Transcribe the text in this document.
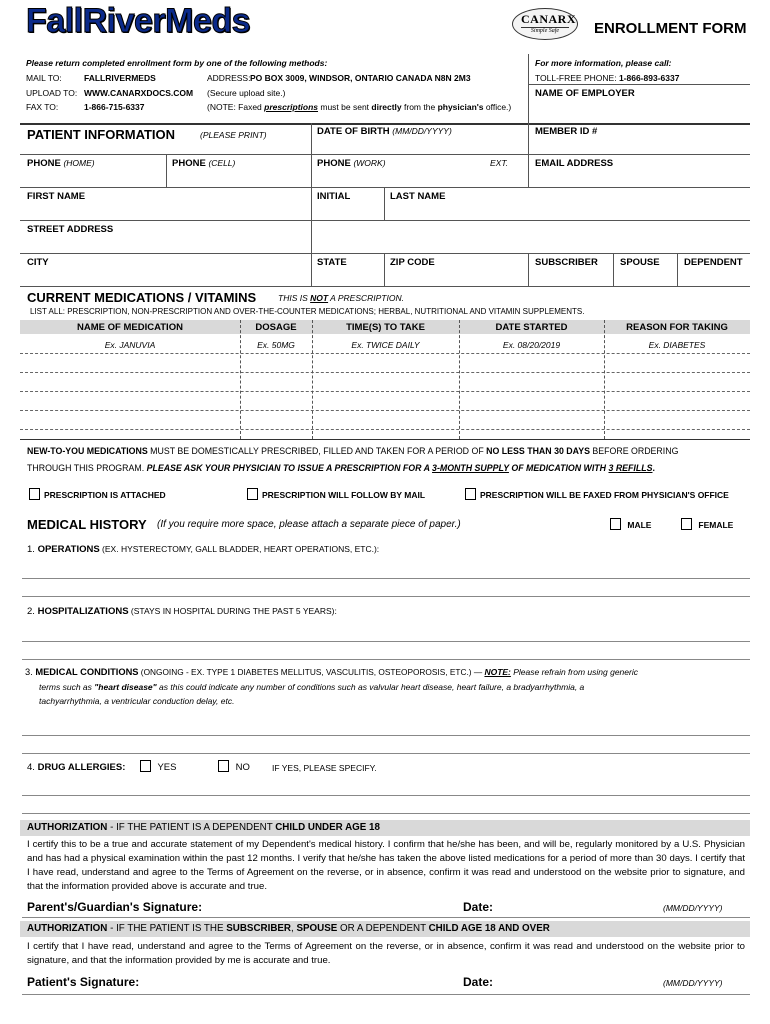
FallRiverMeds	CANARX
Simple Safe	ENROLLMENT FORM
Please return completed enrollment form by one of the following methods:
MAIL TO:	FALLRIVERMEDS	ADDRESS: PO BOX 3009, WINDSOR, ONTARIO CANADA N8N 2M3
UPLOAD TO: WWW.CANARXDOCS.COM (Secure upload site.)
FAX TO:	1-866-715-6337	(NOTE: Faxed prescriptions must be sent directly from the physician's office.)
For more information, please call:
TOLL-FREE PHONE: 1-866-893-6337
NAME OF EMPLOYER
PATIENT INFORMATION	(PLEASE PRINT)	DATE OF BIRTH (MM/DD/YYYY)	MEMBER ID #
PHONE (HOME)	PHONE (CELL)	PHONE (WORK)	EXT.	EMAIL ADDRESS
FIRST NAME	INITIAL	LAST NAME
STREET ADDRESS
CITY	STATE	ZIP CODE	SUBSCRIBER SPOUSE	DEPENDENT
CURRENT MEDICATIONS / VITAMINS	THIS IS NOT A PRESCRIPTION.
LIST ALL: PRESCRIPTION, NON-PRESCRIPTION AND OVER-THE-COUNTER MEDICATIONS; HERBAL, NUTRITIONAL AND VITAMIN SUPPLEMENTS.
NAME OF MEDICATION	DOSAGE	TIME(S) TO TAKE	DATE STARTED	REASON FOR TAKING
Ex. JANUVIA	Ex. 50MG	Ex. TWICE DAILY	Ex. 08/20/2019	Ex. DIABETES
NEW-TO-YOU MEDICATIONS MUST BE DOMESTICALLY PRESCRIBED, FILLED AND TAKEN FOR A PERIOD OF NO LESS THAN 30 DAYS BEFORE ORDERING
THROUGH THIS PROGRAM. PLEASE ASK YOUR PHYSICIAN TO ISSUE A PRESCRIPTION FOR A 3-MONTH SUPPLY OF MEDICATION WITH 3 REFILLS.
PRESCRIPTION IS ATTACHED	PRESCRIPTION WILL FOLLOW BY MAIL	PRESCRIPTION WILL BE FAXED FROM PHYSICIAN'S OFFICE
MEDICAL HISTORY (If you require more space, please attach a separate piece of paper.)	MALE	FEMALE
1. OPERATIONS (EX. HYSTERECTOMY, GALL BLADDER, HEART OPERATIONS, ETC.):
2. HOSPITALIZATIONS (STAYS IN HOSPITAL DURING THE PAST 5 YEARS):
3. MEDICAL CONDITIONS (ONGOING - EX. TYPE 1 DIABETES MELLITUS, VASCULITIS, OSTEOPOROSIS, ETC.) — NOTE: Please refrain from using generic
terms such as "heart disease" as this could indicate any number of conditions such as valvular heart disease, heart failure, a bradyarrhythmia, a
tachyarrhythmia, a ventricular conduction delay, etc.
4. DRUG ALLERGIES:	YES	NO	IF YES, PLEASE SPECIFY.
AUTHORIZATION - IF THE PATIENT IS A DEPENDENT CHILD UNDER AGE 18
I certify this to be a true and accurate statement of my Dependent's medical history. I confirm that he/she has been, and will be, regularly monitored by a U.S. Physician and has had a physical examination within the past 12 months. I verify that he/she has taken the above listed medications for a period of more than 30 days. I certify that I have read, understand and agree to the Terms of Agreement on the reverse, or in absence, confirm it was read and understood on the website prior to signature, and that the information provided above is accurate and true.
Parent's/Guardian's Signature:	Date:	(MM/DD/YYYY)
AUTHORIZATION - IF THE PATIENT IS THE SUBSCRIBER, SPOUSE OR A DEPENDENT CHILD AGE 18 AND OVER
I certify that I have read, understand and agree to the Terms of Agreement on the reverse, or in absence, confirm it was read and understood on the website prior to signature, and that the information provided by me is accurate and true.
Patient's Signature:	Date:	(MM/DD/YYYY)
